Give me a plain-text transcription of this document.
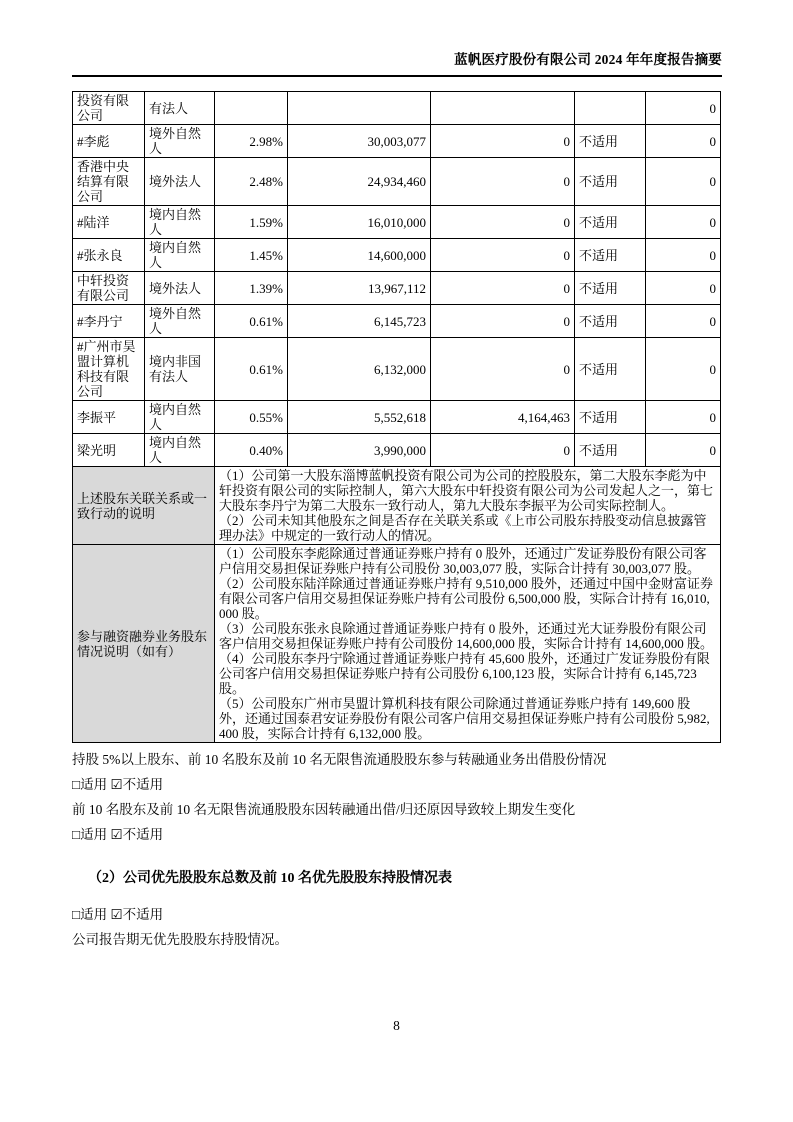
蓝帆医疗股份有限公司 2024 年年度报告摘要
投资有限公司	有法人					0
#李彪	境外自然人	2.98%	30,003,077	0	不适用	0
香港中央结算有限公司	境外法人	2.48%	24,934,460	0	不适用	0
#陆洋	境内自然人	1.59%	16,010,000	0	不适用	0
#张永良	境内自然人	1.45%	14,600,000	0	不适用	0
中轩投资有限公司	境外法人	1.39%	13,967,112	0	不适用	0
#李丹宁	境外自然人	0.61%	6,145,723	0	不适用	0
#广州市昊盟计算机科技有限公司	境内非国有法人	0.61%	6,132,000	0	不适用	0
李振平	境内自然人	0.55%	5,552,618	4,164,463	不适用	0
梁光明	境内自然人	0.40%	3,990,000	0	不适用	0
上述股东关联关系或一致行动的说明		（1）公司第一大股东淄博蓝帆投资有限公司为公司的控股股东，第二大股东李彪为中轩投资有限公司的实际控制人，第六大股东中轩投资有限公司为公司发起人之一，第七大股东李丹宁为第二大股东一致行动人，第九大股东李振平为公司实际控制人。

（2）公司未知其他股东之间是否存在关联关系或《上市公司股东持股变动信息披露管理办法》中规定的一致行动人的情况。				

参与融资融券业务股东情况说明（如有）		（1）公司股东李彪除通过普通证券账户持有 0 股外，还通过广发证券股份有限公司客户信用交易担保证券账户持有公司股份 30,003,077 股，实际合计持有 30,003,077 股。

（2）公司股东陆洋除通过普通证券账户持有 9,510,000 股外，还通过中国中金财富证券有限公司客户信用交易担保证券账户持有公司股份 6,500,000 股，实际合计持有 16,010,000 股。

（3）公司股东张永良除通过普通证券账户持有 0 股外，还通过光大证券股份有限公司客户信用交易担保证券账户持有公司股份 14,600,000 股，实际合计持有 14,600,000 股。

（4）公司股东李丹宁除通过普通证券账户持有 45,600 股外，还通过广发证券股份有限公司客户信用交易担保证券账户持有公司股份 6,100,123 股，实际合计持有 6,145,723 股。

（5）公司股东广州市昊盟计算机科技有限公司除通过普通证券账户持有 149,600 股外，还通过国泰君安证券股份有限公司客户信用交易担保证券账户持有公司股份 5,982,400 股，实际合计持有 6,132,000 股。				

持股 5%以上股东、前 10 名股东及前 10 名无限售流通股股东参与转融通业务出借股份情况

□适用 ☑不适用

前 10 名股东及前 10 名无限售流通股股东因转融通出借/归还原因导致较上期发生变化

□适用 ☑不适用

（2）公司优先股股东总数及前 10 名优先股股东持股情况表

□适用 ☑不适用

公司报告期无优先股股东持股情况。

8
